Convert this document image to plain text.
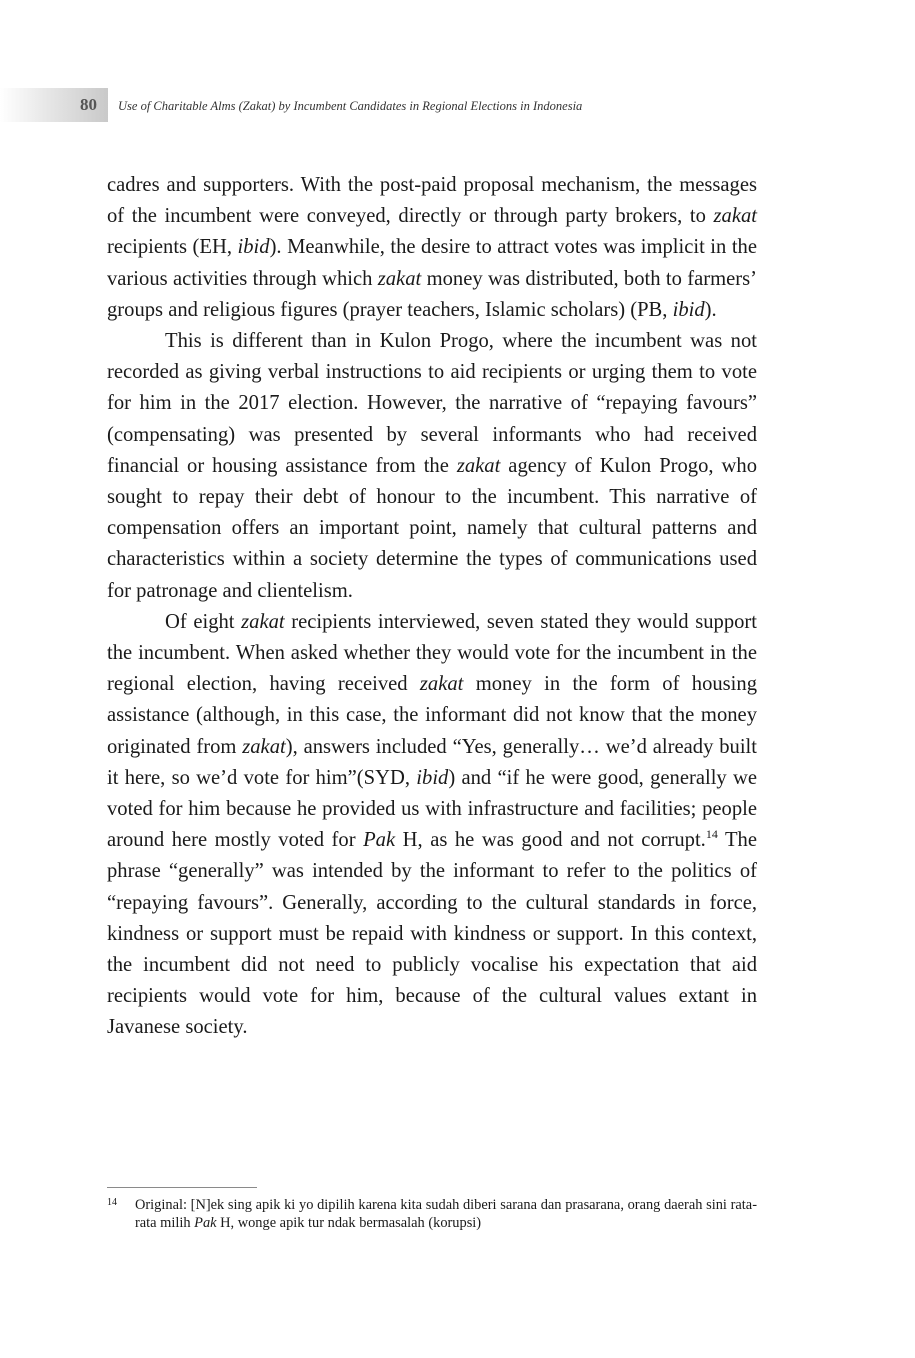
80	Use of Charitable Alms (Zakat) by Incumbent Candidates in Regional Elections in Indonesia

cadres and supporters. With the post-paid proposal mechanism, the messages of the incumbent were conveyed, directly or through party brokers, to zakat recipients (EH, ibid). Meanwhile, the desire to attract votes was implicit in the various activities through which zakat money was distributed, both to farmers’ groups and religious figures (prayer teachers, Islamic scholars) (PB, ibid).

This is different than in Kulon Progo, where the incumbent was not recorded as giving verbal instructions to aid recipients or urging them to vote for him in the 2017 election. However, the narrative of “repaying favours” (compensating) was presented by several informants who had received financial or housing assistance from the zakat agency of Kulon Progo, who sought to repay their debt of honour to the incumbent. This narrative of compensation offers an important point, namely that cultural patterns and characteristics within a society determine the types of communications used for patronage and clientelism.

Of eight zakat recipients interviewed, seven stated they would support the incumbent. When asked whether they would vote for the incumbent in the regional election, having received zakat money in the form of housing assistance (although, in this case, the informant did not know that the money originated from zakat), answers included “Yes, generally… we’d already built it here, so we’d vote for him”(SYD, ibid) and “if he were good, generally we voted for him because he provided us with infrastructure and facilities; people around here mostly voted for Pak H, as he was good and not corrupt.$^{14}$ The phrase “generally” was intended by the informant to refer to the politics of “repaying favours”. Generally, according to the cultural standards in force, kindness or support must be repaid with kindness or support. In this context, the incumbent did not need to publicly vocalise his expectation that aid recipients would vote for him, because of the cultural values extant in Javanese society.

14 Original: [N]ek sing apik ki yo dipilih karena kita sudah diberi sarana dan prasarana, orang daerah sini rata-rata milih Pak H, wonge apik tur ndak bermasalah (korupsi)
